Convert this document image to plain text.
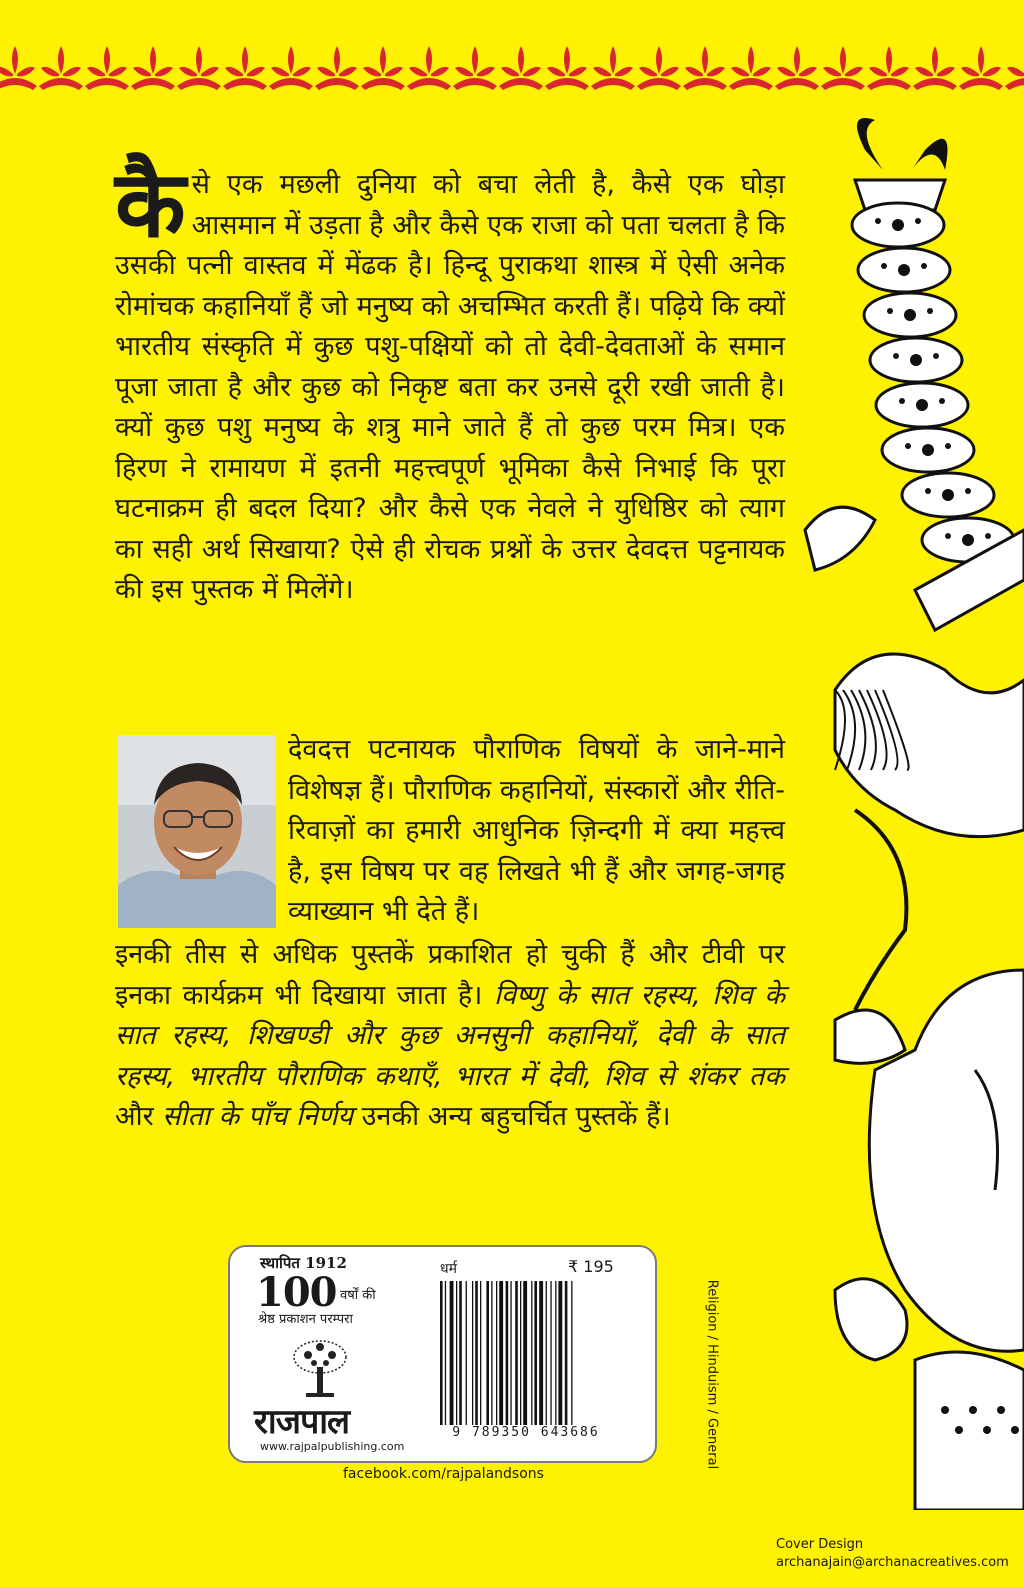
कैसे एक मछली दुनिया को बचा लेती है, कैसे एक घोड़ा आसमान में उड़ता है और कैसे एक राजा को पता चलता है कि उसकी पत्नी वास्तव में मेंढक है। हिन्दू पुराकथा शास्त्र में ऐसी अनेक रोमांचक कहानियाँ हैं जो मनुष्य को अचम्भित करती हैं। पढ़िये कि क्यों भारतीय संस्कृति में कुछ पशु-पक्षियों को तो देवी-देवताओं के समान पूजा जाता है और कुछ को निकृष्ट बता कर उनसे दूरी रखी जाती है। क्यों कुछ पशु मनुष्य के शत्रु माने जाते हैं तो कुछ परम मित्र। एक हिरण ने रामायण में इतनी महत्त्वपूर्ण भूमिका कैसे निभाई कि पूरा घटनाक्रम ही बदल दिया? और कैसे एक नेवले ने युधिष्ठिर को त्याग का सही अर्थ सिखाया? ऐसे ही रोचक प्रश्नों के उत्तर देवदत्त पट्टनायक की इस पुस्तक में मिलेंगे।
देवदत्त पटनायक पौराणिक विषयों के जाने-माने विशेषज्ञ हैं। पौराणिक कहानियों, संस्कारों और रीति-रिवाज़ों का हमारी आधुनिक ज़िन्दगी में क्या महत्त्व है, इस विषय पर वह लिखते भी हैं और जगह-जगह व्याख्यान भी देते हैं।
इनकी तीस से अधिक पुस्तकें प्रकाशित हो चुकी हैं और टीवी पर इनका कार्यक्रम भी दिखाया जाता है। विष्णु के सात रहस्य, शिव के सात रहस्य, शिखण्डी और कुछ अनसुनी कहानियाँ, देवी के सात रहस्य, भारतीय पौराणिक कथाएँ, भारत में देवी, शिव से शंकर तक और सीता के पाँच निर्णय उनकी अन्य बहुचर्चित पुस्तकें हैं।
स्थापित 1912
100 वर्षों की
श्रेष्ठ प्रकाशन परम्परा
राजपाल
www.rajpalpublishing.com
धर्म	₹ 195
9 789350 643686	Religion / Hinduism / General
facebook.com/rajpalandsons
Cover Design
archanajain@archanacreatives.com
